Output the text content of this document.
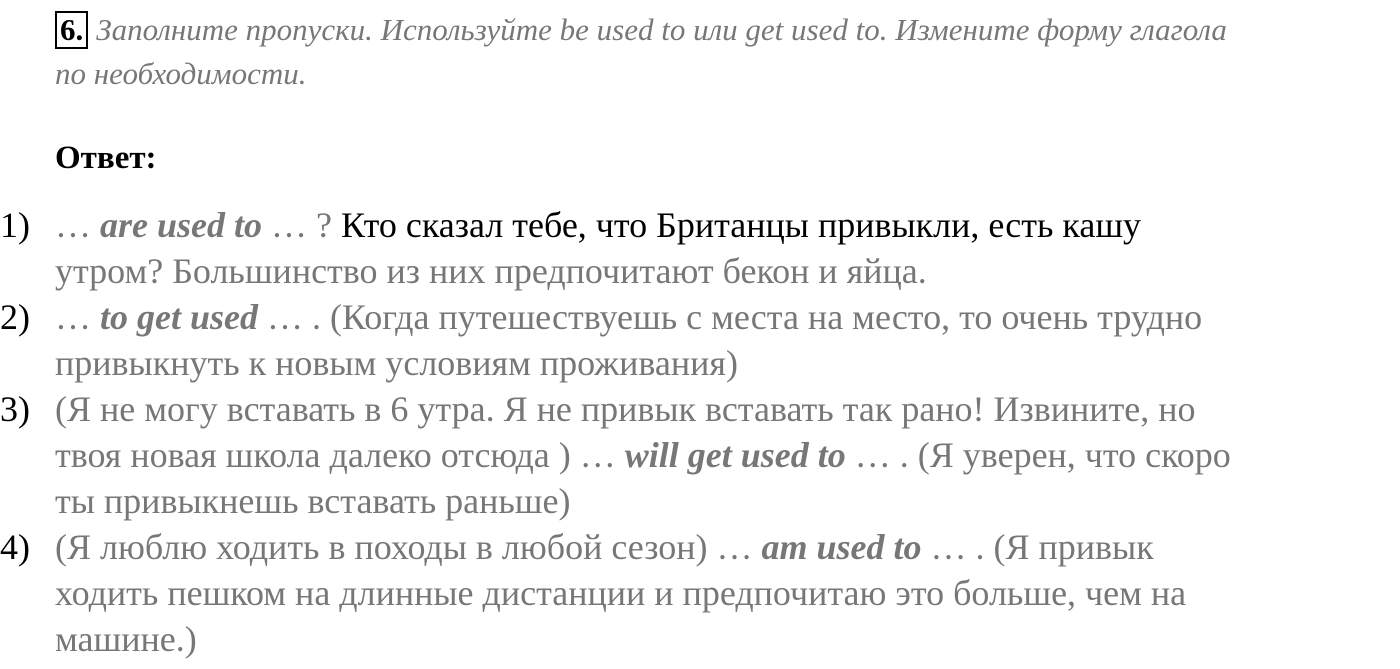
6. Заполните пропуски. Используйте be used to или get used to. Измените форму глагола
по необходимости.
Ответ:
1) … are used to … ? Кто сказал тебе, что Британцы привыкли, есть кашу
утром? Большинство из них предпочитают бекон и яйца.
2) … to get used … . (Когда путешествуешь с места на место, то очень трудно
привыкнуть к новым условиям проживания)
3) (Я не могу вставать в 6 утра. Я не привык вставать так рано! Извините, но
твоя новая школа далеко отсюда ) … will get used to … . (Я уверен, что скоро
ты привыкнешь вставать раньше)
4) (Я люблю ходить в походы в любой сезон) … am used to … . (Я привык
ходить пешком на длинные дистанции и предпочитаю это больше, чем на
машине.)
